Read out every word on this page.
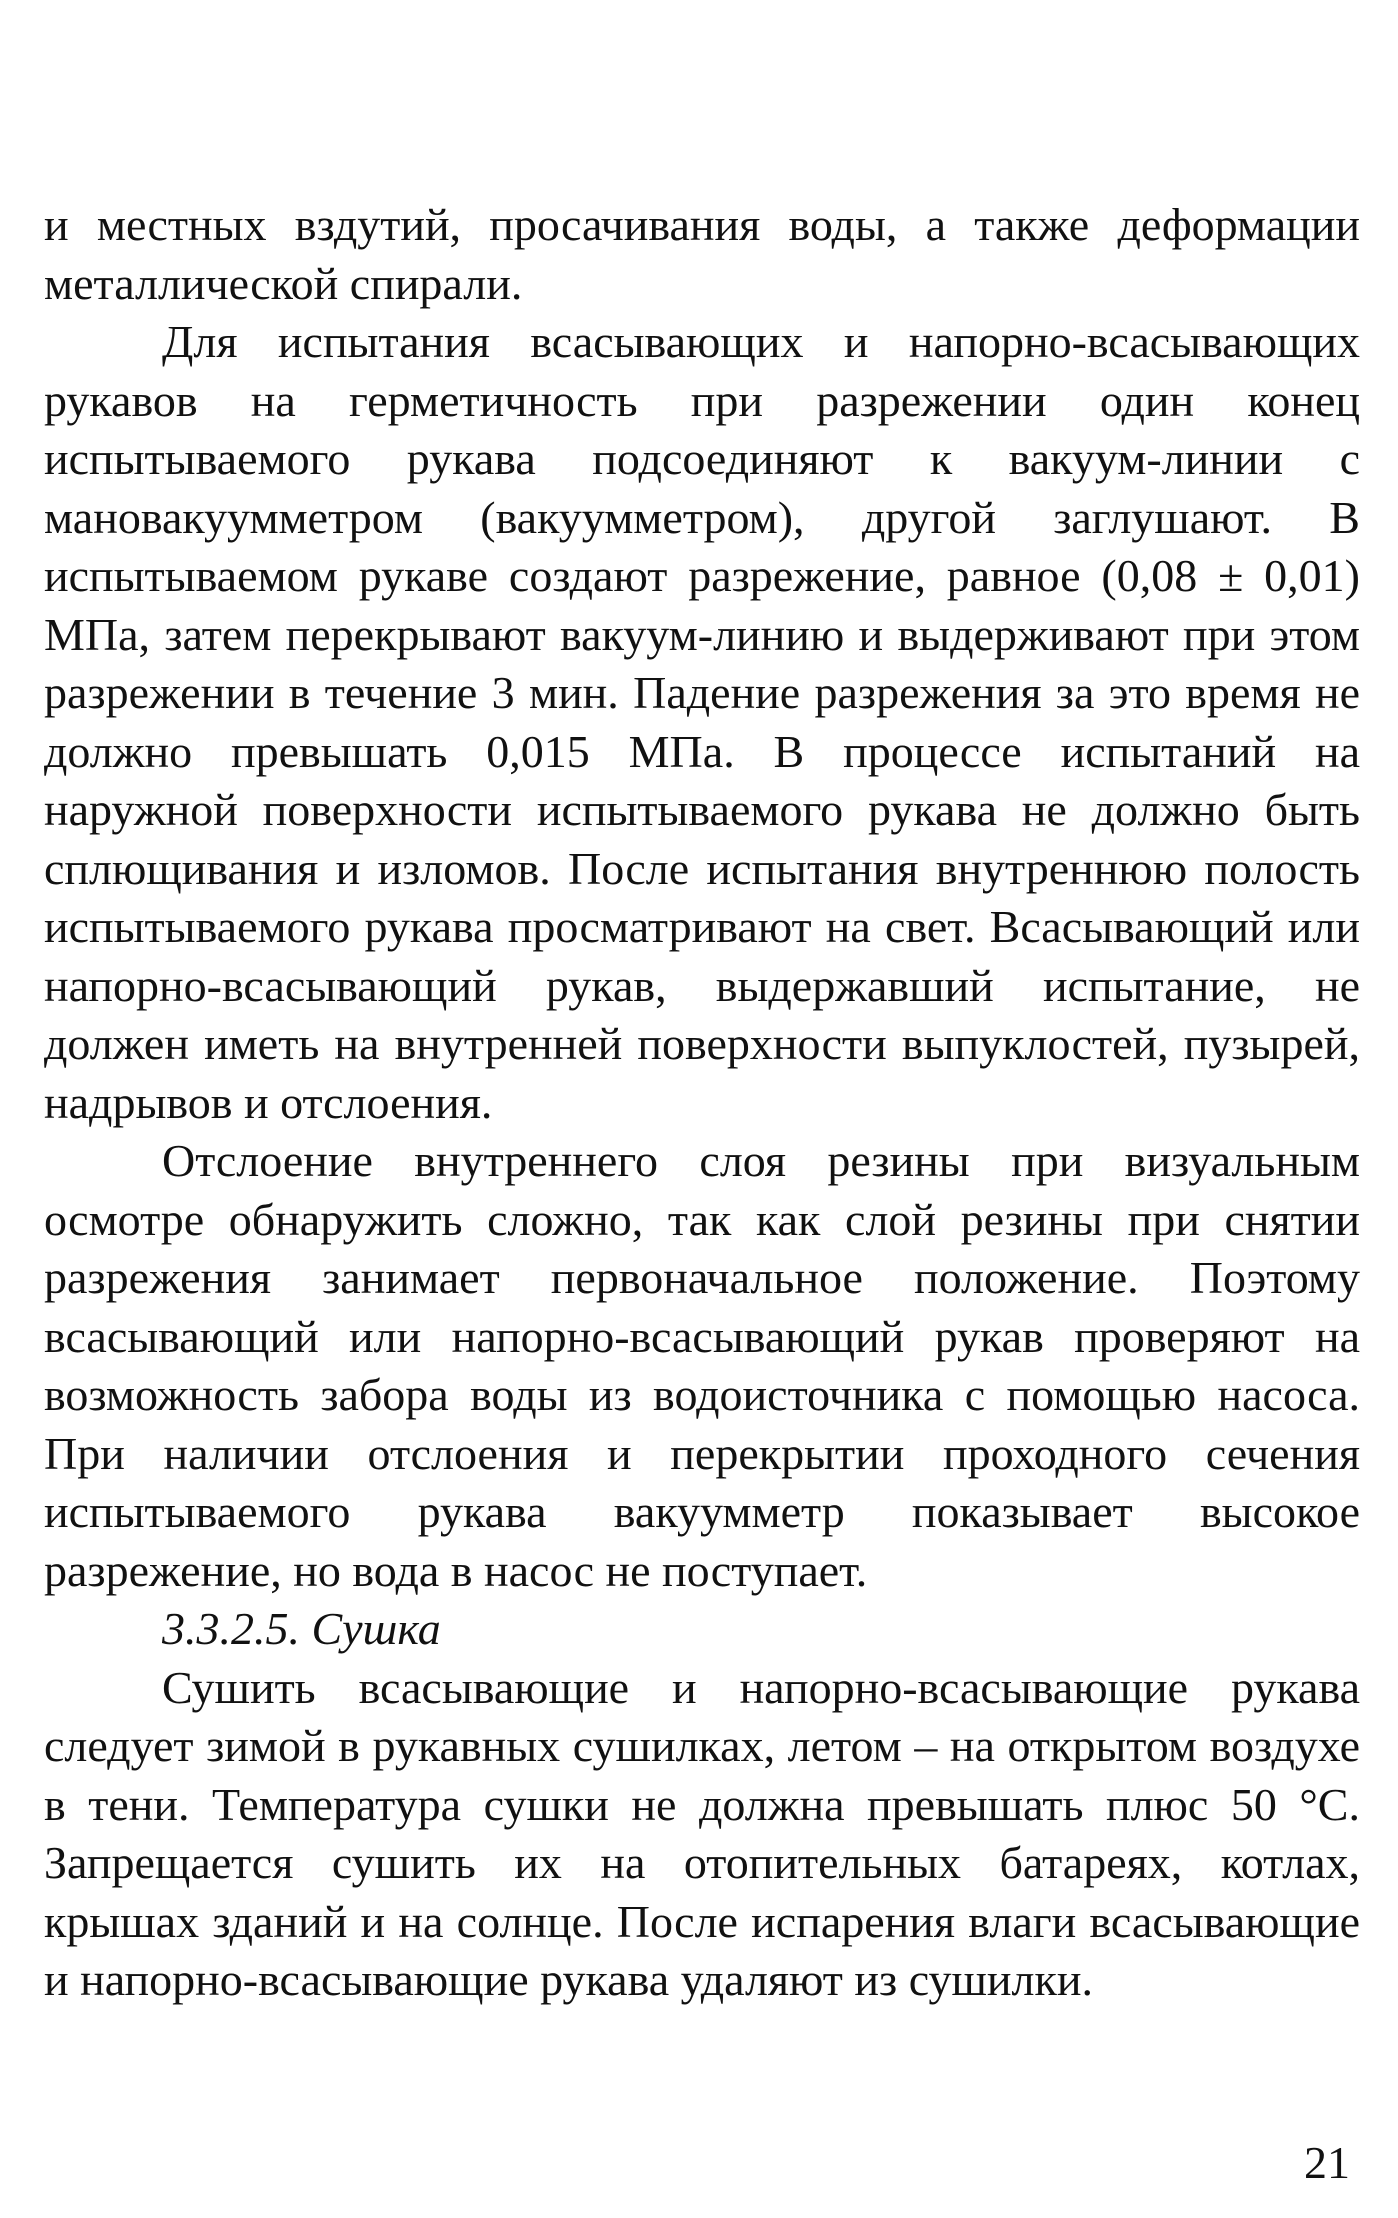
и местных вздутий, просачивания воды, а также деформации металлической спирали.

Для испытания всасывающих и напорно-всасывающих рукавов на герметичность при разрежении один конец испытываемого рукава подсоединяют к вакуум-линии с мановакуумметром (вакуумметром), другой заглушают. В испытываемом рукаве создают разрежение, равное (0,08 ± 0,01) МПа, затем перекрывают вакуум-линию и выдерживают при этом разрежении в течение 3 мин. Падение разрежения за это время не должно превышать 0,015 МПа. В процессе испытаний на наружной поверхности испытываемого рукава не должно быть сплющивания и изломов. После испытания внутреннюю полость испытываемого рукава просматривают на свет. Всасывающий или напорно-всасывающий рукав, выдержавший испытание, не должен иметь на внутренней поверхности выпуклостей, пузырей, надрывов и отслоения.

Отслоение внутреннего слоя резины при визуальным осмотре обнаружить сложно, так как слой резины при снятии разрежения занимает первоначальное положение. Поэтому всасывающий или напорно-всасывающий рукав проверяют на возможность забора воды из водоисточника с помощью насоса. При наличии отслоения и перекрытии проходного сечения испытываемого рукава вакуумметр показывает высокое разрежение, но вода в насос не поступает.

3.3.2.5. Сушка

Сушить всасывающие и напорно-всасывающие рукава следует зимой в рукавных сушилках, летом – на открытом воздухе в тени. Температура сушки не должна превышать плюс 50 °С. Запрещается сушить их на отопительных батареях, котлах, крышах зданий и на солнце. После испарения влаги всасывающие и напорно-всасывающие рукава удаляют из сушилки.

21
